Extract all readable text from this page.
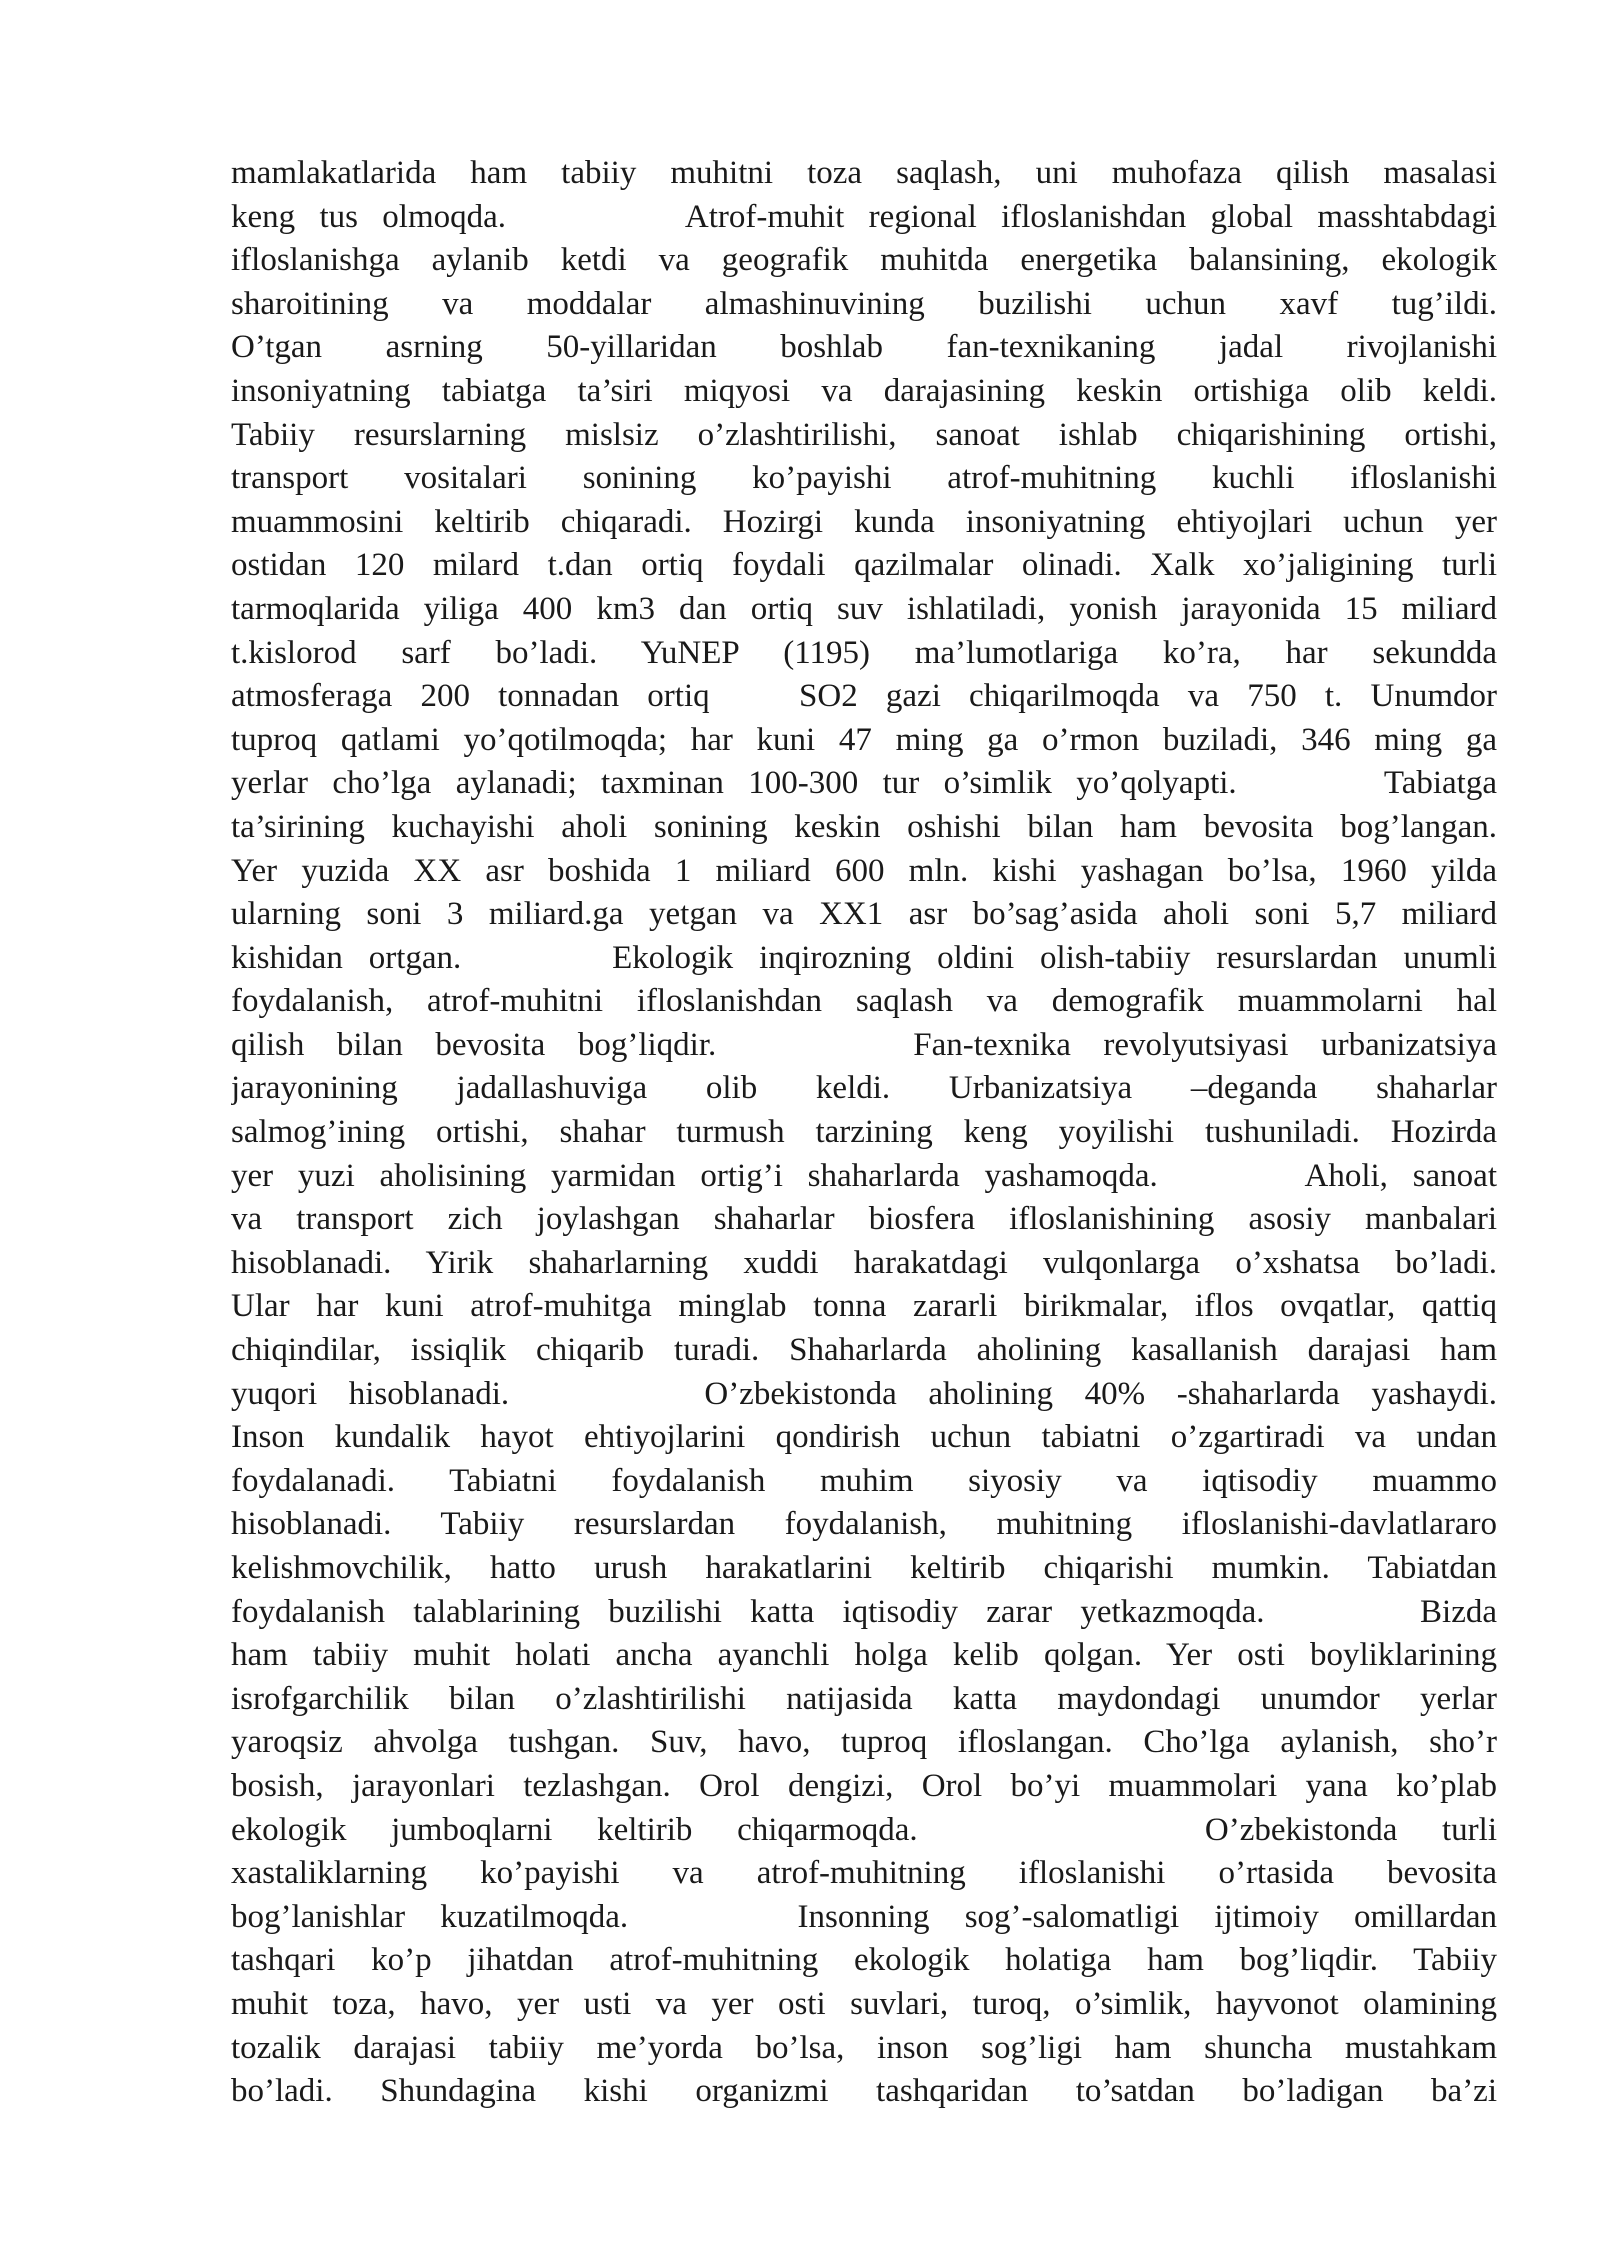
mamlakatlarida ham tabiiy muhitni toza saqlash, uni muhofaza qilish masalasi
keng tus olmoqda.      Atrof-muhit regional ifloslanishdan global masshtabdagi
ifloslanishga aylanib ketdi va geografik muhitda energetika balansining, ekologik
sharoitining va moddalar almashinuvining buzilishi uchun xavf tug’ildi.
O’tgan asrning 50-yillaridan boshlab fan-texnikaning jadal rivojlanishi
insoniyatning tabiatga ta’siri miqyosi va darajasining keskin ortishiga olib keldi.
Tabiiy resurslarning mislsiz o’zlashtirilishi, sanoat ishlab chiqarishining ortishi,
transport vositalari sonining ko’payishi atrof-muhitning kuchli ifloslanishi
muammosini keltirib chiqaradi. Hozirgi kunda insoniyatning ehtiyojlari uchun yer
ostidan 120 milard t.dan ortiq foydali qazilmalar olinadi. Xalk xo’jaligining turli
tarmoqlarida yiliga 400 km3 dan ortiq suv ishlatiladi, yonish jarayonida 15 miliard
t.kislorod sarf bo’ladi. YuNEP (1195) ma’lumotlariga ko’ra, har sekundda
atmosferaga 200 tonnadan ortiq   SO2 gazi chiqarilmoqda va 750 t. Unumdor
tuproq qatlami yo’qotilmoqda; har kuni 47 ming ga o’rmon buziladi, 346 ming ga
yerlar cho’lga aylanadi; taxminan 100-300 tur o’simlik yo’qolyapti.     Tabiatga
ta’sirining kuchayishi aholi sonining keskin oshishi bilan ham bevosita bog’langan.
Yer yuzida XX asr boshida 1 miliard 600 mln. kishi yashagan bo’lsa, 1960 yilda
ularning soni 3 miliard.ga yetgan va XX1 asr bo’sag’asida aholi soni 5,7 miliard
kishidan ortgan.     Ekologik inqirozning oldini olish-tabiiy resurslardan unumli
foydalanish, atrof-muhitni ifloslanishdan saqlash va demografik muammolarni hal
qilish bilan bevosita bog’liqdir.      Fan-texnika revolyutsiyasi urbanizatsiya
jarayonining jadallashuviga olib keldi. Urbanizatsiya –deganda shaharlar
salmog’ining ortishi, shahar turmush tarzining keng yoyilishi tushuniladi. Hozirda
yer yuzi aholisining yarmidan ortig’i shaharlarda yashamoqda.     Aholi, sanoat
va transport zich joylashgan shaharlar biosfera ifloslanishining asosiy manbalari
hisoblanadi. Yirik shaharlarning xuddi harakatdagi vulqonlarga o’xshatsa bo’ladi.
Ular har kuni atrof-muhitga minglab tonna zararli birikmalar, iflos ovqatlar, qattiq
chiqindilar, issiqlik chiqarib turadi. Shaharlarda aholining kasallanish darajasi ham
yuqori hisoblanadi.      O’zbekistonda aholining 40% -shaharlarda yashaydi.
Inson kundalik hayot ehtiyojlarini qondirish uchun tabiatni o’zgartiradi va undan
foydalanadi. Tabiatni foydalanish muhim siyosiy va iqtisodiy muammo
hisoblanadi. Tabiiy resurslardan foydalanish, muhitning ifloslanishi-davlatlararo
kelishmovchilik, hatto urush harakatlarini keltirib chiqarishi mumkin. Tabiatdan
foydalanish talablarining buzilishi katta iqtisodiy zarar yetkazmoqda.     Bizda
ham tabiiy muhit holati ancha ayanchli holga kelib qolgan. Yer osti boyliklarining
isrofgarchilik bilan o’zlashtirilishi natijasida katta maydondagi unumdor yerlar
yaroqsiz ahvolga tushgan. Suv, havo, tuproq ifloslangan. Cho’lga aylanish, sho’r
bosish, jarayonlari tezlashgan. Orol dengizi, Orol bo’yi muammolari yana ko’plab
ekologik jumboqlarni keltirib chiqarmoqda.        O’zbekistonda turli
xastaliklarning ko’payishi va atrof-muhitning ifloslanishi o’rtasida bevosita
bog’lanishlar kuzatilmoqda.     Insonning sog’-salomatligi ijtimoiy omillardan
tashqari ko’p jihatdan atrof-muhitning ekologik holatiga ham bog’liqdir. Tabiiy
muhit toza, havo, yer usti va yer osti suvlari, turoq, o’simlik, hayvonot olamining
tozalik darajasi tabiiy me’yorda bo’lsa, inson sog’ligi ham shuncha mustahkam
bo’ladi. Shundagina kishi organizmi tashqaridan to’satdan bo’ladigan ba’zi
